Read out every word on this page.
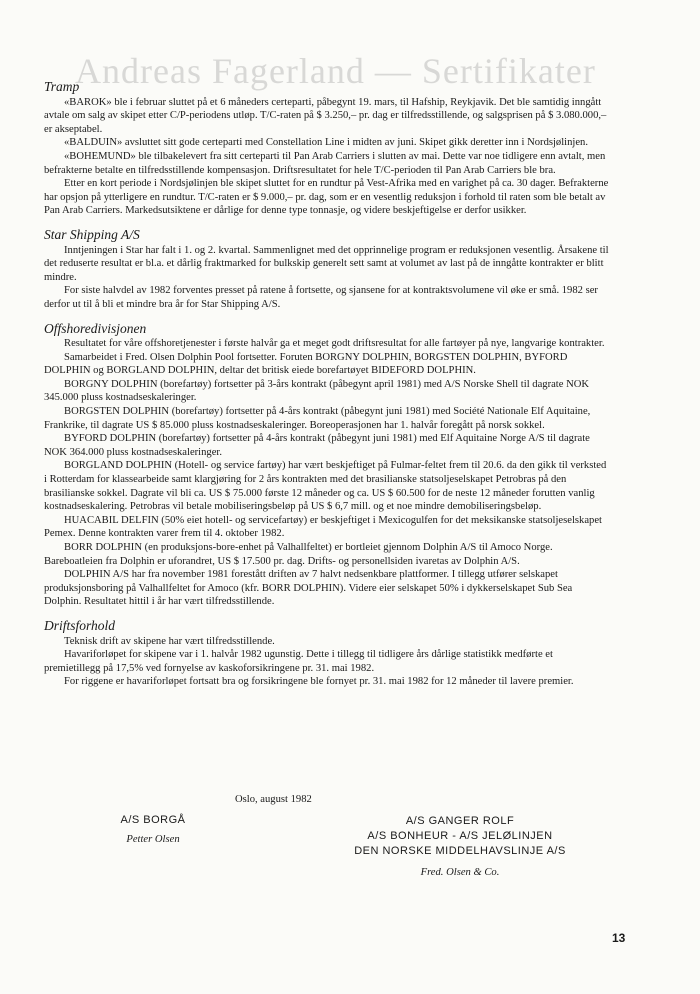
Andreas Fagerland — Sertifikater
Tramp

«BAROK» ble i februar sluttet på et 6 måneders certeparti, påbegynt 19. mars, til Hafship, Reykjavik. Det ble samtidig inngått avtale om salg av skipet etter C/P-periodens utløp. T/C-raten på $ 3.250,– pr. dag er tilfredsstillende, og salgsprisen på $ 3.080.000,– er akseptabel.

«BALDUIN» avsluttet sitt gode certeparti med Constellation Line i midten av juni. Skipet gikk deretter inn i Nordsjølinjen.

«BOHEMUND» ble tilbakelevert fra sitt certeparti til Pan Arab Carriers i slutten av mai. Dette var noe tidligere enn avtalt, men befrakterne betalte en tilfredsstillende kompensasjon. Driftsresultatet for hele T/C-perioden til Pan Arab Carriers ble bra.

Etter en kort periode i Nordsjølinjen ble skipet sluttet for en rundtur på Vest-Afrika med en varighet på ca. 30 dager. Befrakterne har opsjon på ytterligere en rundtur. T/C-raten er $ 9.000,– pr. dag, som er en vesentlig reduksjon i forhold til raten som ble betalt av Pan Arab Carriers. Markedsutsiktene er dårlige for denne type tonnasje, og videre beskjeftigelse er derfor usikker.

Star Shipping A/S

Inntjeningen i Star har falt i 1. og 2. kvartal. Sammenlignet med det opprinnelige program er reduksjonen vesentlig. Årsakene til det reduserte resultat er bl.a. et dårlig fraktmarked for bulkskip generelt sett samt at volumet av last på de inngåtte kontrakter er blitt mindre.

For siste halvdel av 1982 forventes presset på ratene å fortsette, og sjansene for at kontraktsvolumene vil øke er små. 1982 ser derfor ut til å bli et mindre bra år for Star Shipping A/S.

Offshoredivisjonen

Resultatet for våre offshoretjenester i første halvår ga et meget godt driftsresultat for alle fartøyer på nye, langvarige kontrakter.

Samarbeidet i Fred. Olsen Dolphin Pool fortsetter. Foruten BORGNY DOLPHIN, BORGSTEN DOLPHIN, BYFORD DOLPHIN og BORGLAND DOLPHIN, deltar det britisk eiede borefartøyet BIDEFORD DOLPHIN.

BORGNY DOLPHIN (borefartøy) fortsetter på 3-års kontrakt (påbegynt april 1981) med A/S Norske Shell til dagrate NOK 345.000 pluss kostnadseskaleringer.

BORGSTEN DOLPHIN (borefartøy) fortsetter på 4-års kontrakt (påbegynt juni 1981) med Société Nationale Elf Aquitaine, Frankrike, til dagrate US $ 85.000 pluss kostnadseskaleringer. Boreoperasjonen har 1. halvår foregått på norsk sokkel.

BYFORD DOLPHIN (borefartøy) fortsetter på 4-års kontrakt (påbegynt juni 1981) med Elf Aquitaine Norge A/S til dagrate NOK 364.000 pluss kostnadseskaleringer.

BORGLAND DOLPHIN (Hotell- og service fartøy) har vært beskjeftiget på Fulmar-feltet frem til 20.6. da den gikk til verksted i Rotterdam for klassearbeide samt klargjøring for 2 års kontrakten med det brasilianske statsoljeselskapet Petrobras på den brasilianske sokkel. Dagrate vil bli ca. US $ 75.000 første 12 måneder og ca. US $ 60.500 for de neste 12 måneder forutten vanlig kostnadseskalering. Petrobras vil betale mobiliseringsbeløp på US $ 6,7 mill. og et noe mindre demobiliseringsbeløp.

HUACABIL DELFIN (50% eiet hotell- og servicefartøy) er beskjeftiget i Mexicogulfen for det meksikanske statsoljeselskapet Pemex. Denne kontrakten varer frem til 4. oktober 1982.

BORR DOLPHIN (en produksjons-bore-enhet på Valhallfeltet) er bortleiet gjennom Dolphin A/S til Amoco Norge. Bareboatleien fra Dolphin er uforandret, US $ 17.500 pr. dag. Drifts- og personellsiden ivaretas av Dolphin A/S.

DOLPHIN A/S har fra november 1981 forestått driften av 7 halvt nedsenkbare plattformer. I tillegg utfører selskapet produksjonsboring på Valhallfeltet for Amoco (kfr. BORR DOLPHIN). Videre eier selskapet 50% i dykkerselskapet Sub Sea Dolphin. Resultatet hittil i år har vært tilfredsstillende.

Driftsforhold

Teknisk drift av skipene har vært tilfredsstillende.

Havariforløpet for skipene var i 1. halvår 1982 ugunstig. Dette i tillegg til tidligere års dårlige statistikk medførte et premietillegg på 17,5% ved fornyelse av kaskoforsikringene pr. 31. mai 1982.

For riggene er havariforløpet fortsatt bra og forsikringene ble fornyet pr. 31. mai 1982 for 12 måneder til lavere premier.

Oslo, august 1982
A/S BORGÅ
Petter Olsen
A/S GANGER ROLF
A/S BONHEUR - A/S JELØLINJEN
DEN NORSKE MIDDELHAVSLINJE A/S
Fred. Olsen & Co.
13
